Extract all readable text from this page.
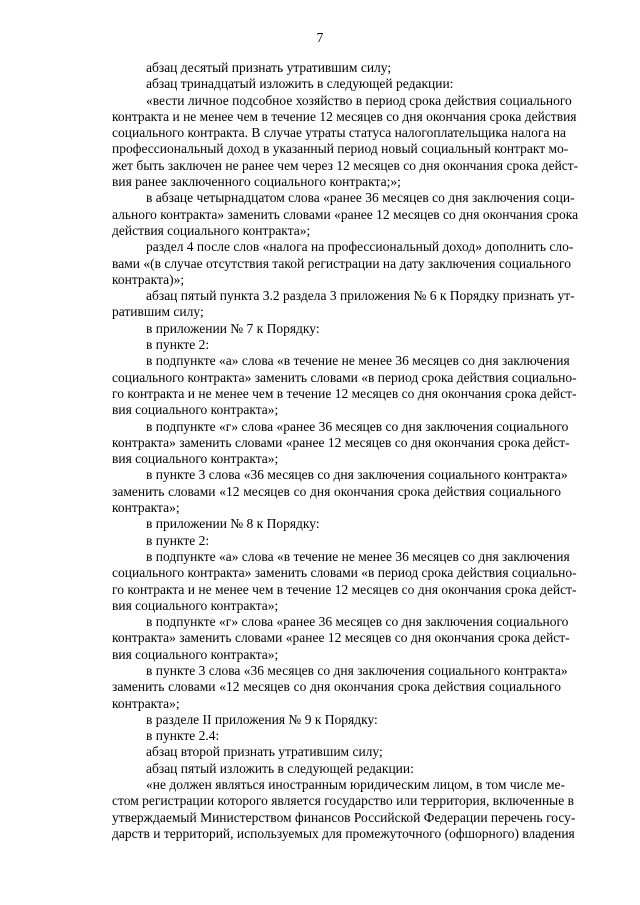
7
абзац десятый признать утратившим силу;
абзац тринадцатый изложить в следующей редакции:
«вести личное подсобное хозяйство в период срока действия социального
контракта и не менее чем в течение 12 месяцев со дня окончания срока действия
социального контракта. В случае утраты статуса налогоплательщика налога на
профессиональный доход в указанный период новый социальный контракт мо-
жет быть заключен не ранее чем через 12 месяцев со дня окончания срока дейст-
вия ранее заключенного социального контракта;»;
в абзаце четырнадцатом слова «ранее 36 месяцев со дня заключения соци-
ального контракта» заменить словами «ранее 12 месяцев со дня окончания срока
действия социального контракта»;
раздел 4 после слов «налога на профессиональный доход» дополнить сло-
вами «(в случае отсутствия такой регистрации на дату заключения социального
контракта)»;
абзац пятый пункта 3.2 раздела 3 приложения № 6 к Порядку признать ут-
ратившим силу;
в приложении № 7 к Порядку:
в пункте 2:
в подпункте «а» слова «в течение не менее 36 месяцев со дня заключения
социального контракта» заменить словами «в период срока действия социально-
го контракта и не менее чем в течение 12 месяцев со дня окончания срока дейст-
вия социального контракта»;
в подпункте «г» слова «ранее 36 месяцев со дня заключения социального
контракта» заменить словами «ранее 12 месяцев со дня окончания срока дейст-
вия социального контракта»;
в пункте 3 слова «36 месяцев со дня заключения социального контракта»
заменить словами «12 месяцев со дня окончания срока действия социального
контракта»;
в приложении № 8 к Порядку:
в пункте 2:
в подпункте «а» слова «в течение не менее 36 месяцев со дня заключения
социального контракта» заменить словами «в период срока действия социально-
го контракта и не менее чем в течение 12 месяцев со дня окончания срока дейст-
вия социального контракта»;
в подпункте «г» слова «ранее 36 месяцев со дня заключения социального
контракта» заменить словами «ранее 12 месяцев со дня окончания срока дейст-
вия социального контракта»;
в пункте 3 слова «36 месяцев со дня заключения социального контракта»
заменить словами «12 месяцев со дня окончания срока действия социального
контракта»;
в разделе II приложения № 9 к Порядку:
в пункте 2.4:
абзац второй признать утратившим силу;
абзац пятый изложить в следующей редакции:
«не должен являться иностранным юридическим лицом, в том числе ме-
стом регистрации которого является государство или территория, включенные в
утверждаемый Министерством финансов Российской Федерации перечень госу-
дарств и территорий, используемых для промежуточного (офшорного) владения
